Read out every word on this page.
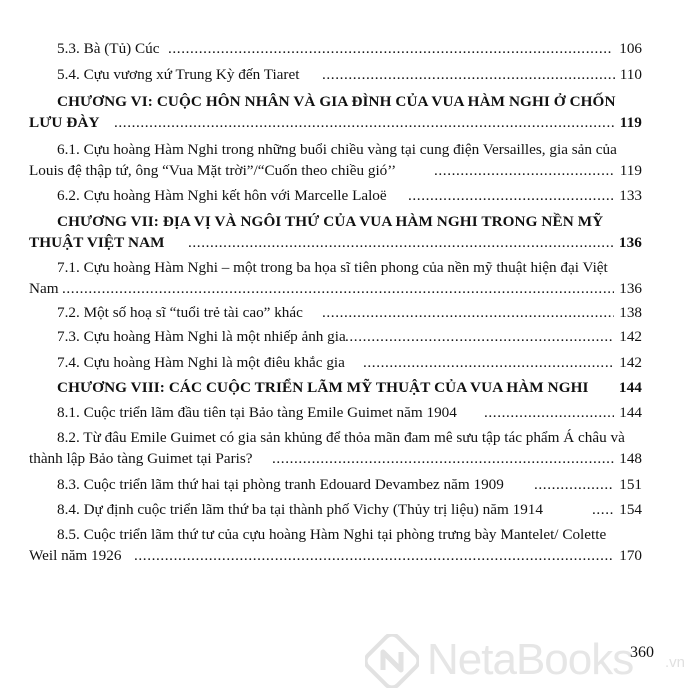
5.3. Bà (Tủ) Cúc .....	106
5.4. Cựu vương xứ Trung Kỳ đến Tiaret .....	110
CHƯƠNG VI: CUỘC HÔN NHÂN VÀ GIA ĐÌNH CỦA VUA HÀM NGHI Ở CHỐN
LƯU ĐÀY .....	119
6.1. Cựu hoàng Hàm Nghi trong những buổi chiều vàng tại cung điện Versailles, gia sản của
Louis đệ thập tứ, ông “Vua Mặt trời”/“Cuốn theo chiều gió’’ .....	119
6.2. Cựu hoàng Hàm Nghi kết hôn với Marcelle Laloë .....	133
CHƯƠNG VII: ĐỊA VỊ VÀ NGÔI THỨ CỦA VUA HÀM NGHI TRONG NỀN MỸ
THUẬT VIỆT NAM .....	136
7.1. Cựu hoàng Hàm Nghi – một trong ba họa sĩ tiên phong của nền mỹ thuật hiện đại Việt
Nam .....	136
7.2. Một số hoạ sĩ “tuổi trẻ tài cao” khác .....	138
7.3. Cựu hoàng Hàm Nghi là một nhiếp ảnh gia .....	142
7.4. Cựu hoàng Hàm Nghi là một điêu khắc gia .....	142
CHƯƠNG VIII: CÁC CUỘC TRIỂN LÃM MỸ THUẬT CỦA VUA HÀM NGHI	144
8.1. Cuộc triển lãm đầu tiên tại Bảo tàng Emile Guimet năm 1904 .....	144
8.2. Từ đâu Emile Guimet có gia sản khủng để thỏa mãn đam mê sưu tập tác phẩm Á châu và
thành lập Bảo tàng Guimet tại Paris? .....	148
8.3. Cuộc triển lãm thứ hai tại phòng tranh Edouard Devambez năm 1909 .....	151
8.4. Dự định cuộc triển lãm thứ ba tại thành phố Vichy (Thủy trị liệu) năm 1914 .....	154
8.5. Cuộc triển lãm thứ tư của cựu hoàng Hàm Nghi tại phòng trưng bày Mantelet/ Colette
Weil năm 1926 .....	170
NetaBooks .vn
360
